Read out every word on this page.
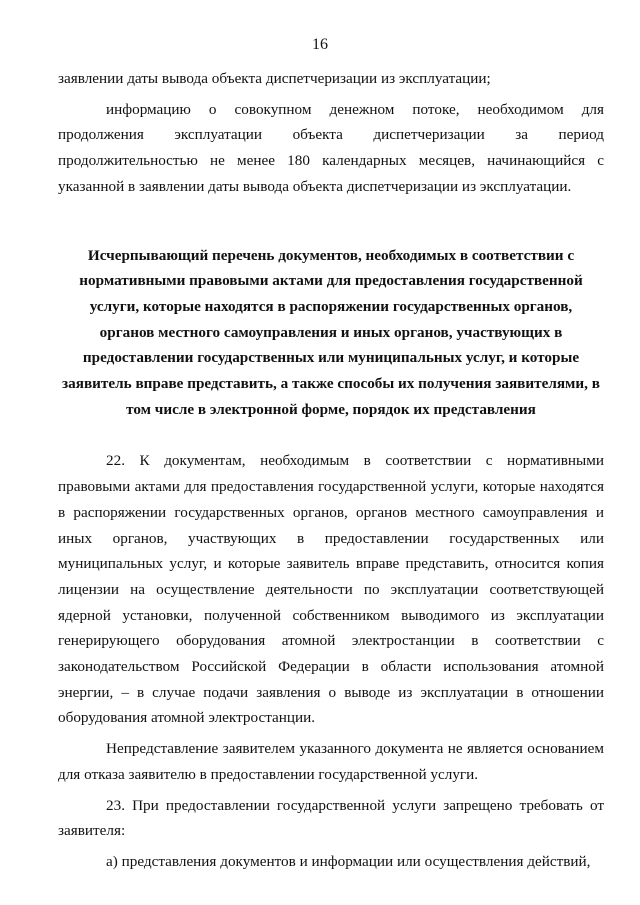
16

заявлении даты вывода объекта диспетчеризации из эксплуатации;

информацию о совокупном денежном потоке, необходимом для продолжения эксплуатации объекта диспетчеризации за период продолжительностью не менее 180 календарных месяцев, начинающийся с указанной в заявлении даты вывода объекта диспетчеризации из эксплуатации.

Исчерпывающий перечень документов, необходимых в соответствии с нормативными правовыми актами для предоставления государственной услуги, которые находятся в распоряжении государственных органов, органов местного самоуправления и иных органов, участвующих в предоставлении государственных или муниципальных услуг, и которые заявитель вправе представить, а также способы их получения заявителями, в том числе в электронной форме, порядок их представления

22. К документам, необходимым в соответствии с нормативными правовыми актами для предоставления государственной услуги, которые находятся в распоряжении государственных органов, органов местного самоуправления и иных органов, участвующих в предоставлении государственных или муниципальных услуг, и которые заявитель вправе представить, относится копия лицензии на осуществление деятельности по эксплуатации соответствующей ядерной установки, полученной собственником выводимого из эксплуатации генерирующего оборудования атомной электростанции в соответствии с законодательством Российской Федерации в области использования атомной энергии, – в случае подачи заявления о выводе из эксплуатации в отношении оборудования атомной электростанции.

Непредставление заявителем указанного документа не является основанием для отказа заявителю в предоставлении государственной услуги.

23. При предоставлении государственной услуги запрещено требовать от заявителя:

а) представления документов и информации или осуществления действий,
